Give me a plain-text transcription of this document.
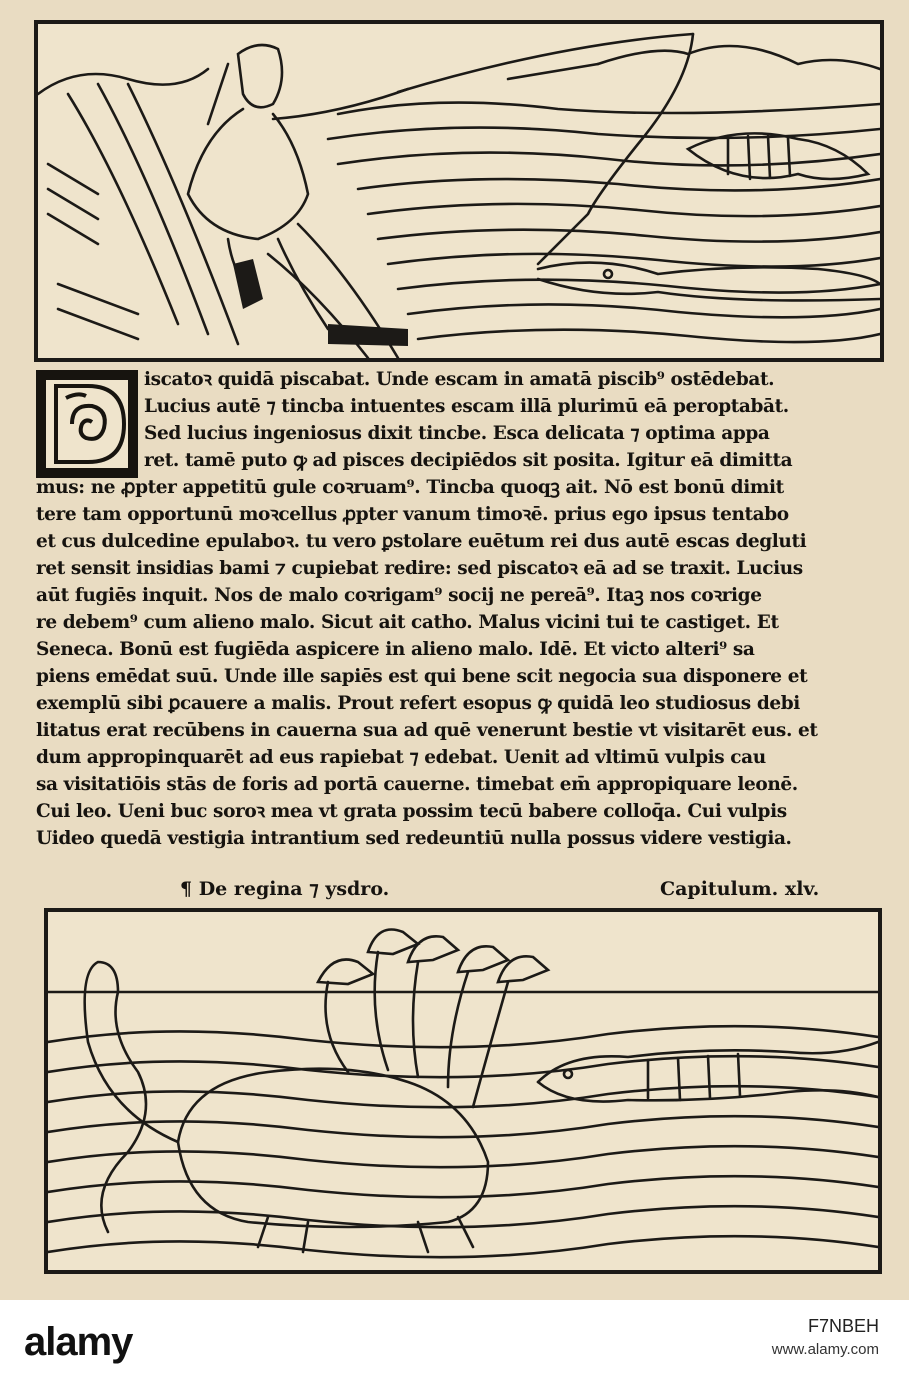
iscatoꝛ quidā piscabat. Unde escam in amatā piscib⁹ ostēdebat.
Lucius autē ⁊ tincba intuentes escam illā plurimū eā peroptabāt.
Sed lucius ingeniosus dixit tincbe. Esca delicata ⁊ optima appa
ret. tamē puto ꝙ ad pisces decipiēdos sit posita. Igitur eā dimitta
mus: ne ꝓpter appetitū gule coꝛruam⁹. Tincba quoqꝫ ait. Nō est bonū dimit
tere tam opportunū moꝛcellus ꝓpter vanum timoꝛē. prius ego ipsus tentabo
et cus dulcedine epulaboꝛ. tu vero ꝑstolare euētum rei dus autē escas degluti
ret sensit insidias bami ⁊ cupiebat redire: sed piscatoꝛ eā ad se traxit. Lucius
aūt fugiēs inquit. Nos de malo coꝛrigam⁹ socij ne pereā⁹. Itaꝫ nos coꝛrige
re debem⁹ cum alieno malo. Sicut ait catho. Malus vicini tui te castiget. Et
Seneca. Bonū est fugiēda aspicere in alieno malo. Idē. Et victo alteri⁹ sa
piens emēdat suū. Unde ille sapiēs est qui bene scit negocia sua disponere et
exemplū sibi ꝑcauere a malis. Prout refert esopus ꝙ quidā leo studiosus debi
litatus erat recūbens in cauerna sua ad quē venerunt bestie vt visitarēt eus. et
dum appropinquarēt ad eus rapiebat ⁊ edebat. Uenit ad vltimū vulpis cau
sa visitatiōis stās de foris ad portā cauerne. timebat em̄ appropiquare leonē.
Cui leo. Ueni buc soroꝛ mea vt grata possim tecū babere colloq̄a. Cui vulpis
Uideo quedā vestigia intrantium sed redeuntiū nulla possus videre vestigia.
¶ De regina ⁊ ysdro.	Capitulum. xlv.
alamy	F7NBEH
www.alamy.com
